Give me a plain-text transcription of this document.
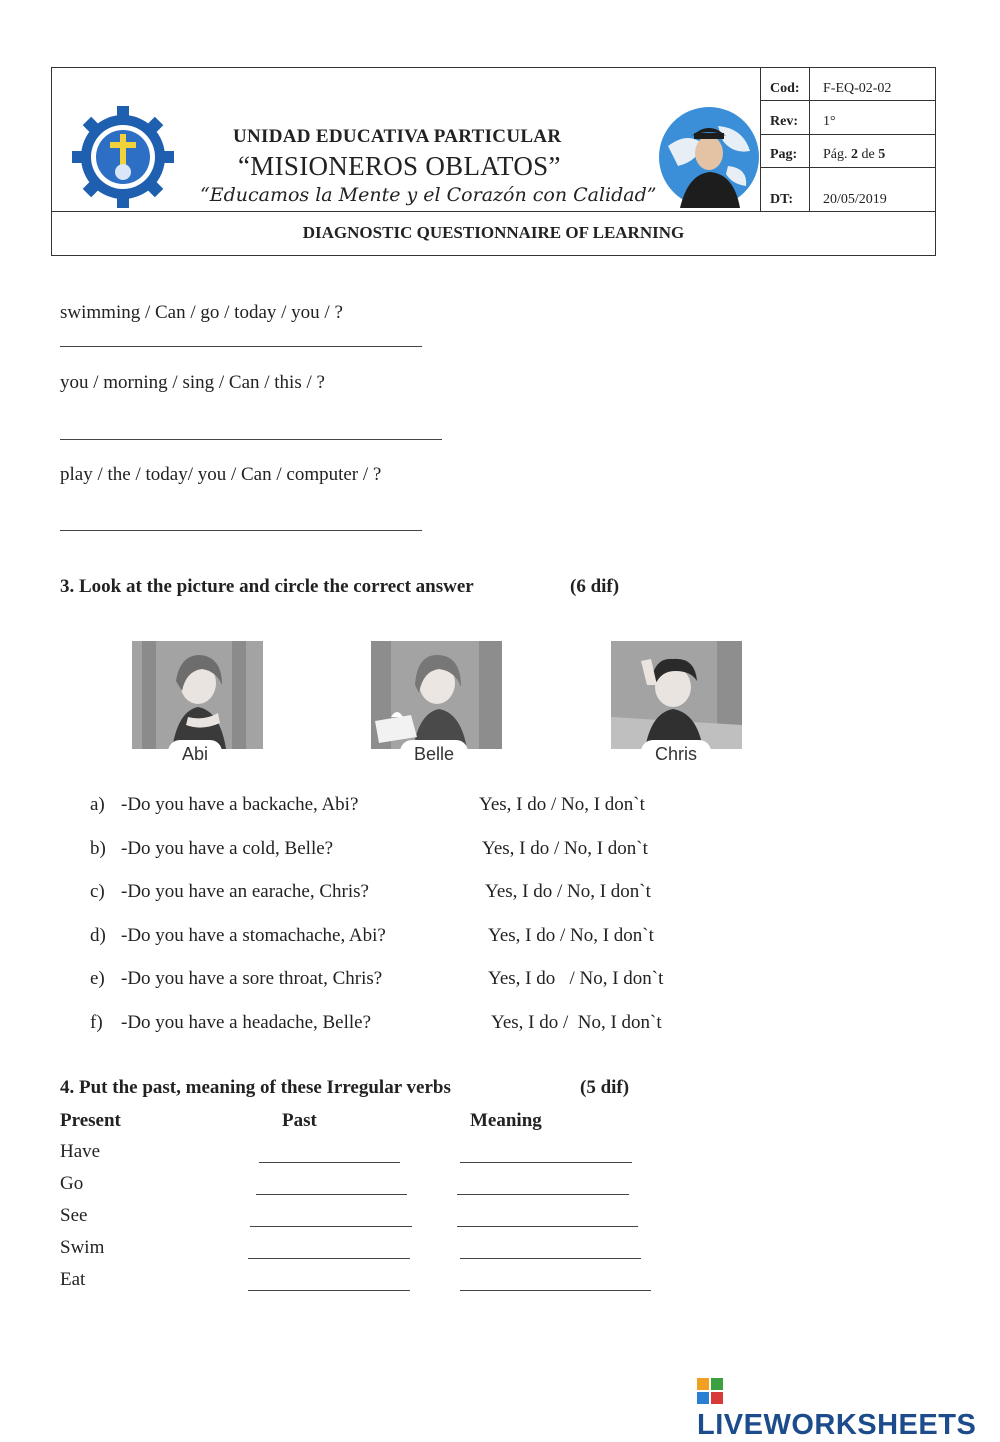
UNIDAD EDUCATIVA PARTICULAR
“MISIONEROS OBLATOS”
“Educamos la Mente y el Corazón con Calidad”
Cod: F-EQ-02-02
Rev: 1°
Pag: Pág. 2 de 5
DT: 20/05/2019
DIAGNOSTIC QUESTIONNAIRE OF LEARNING
swimming / Can / go / today / you / ?
you / morning / sing / Can / this / ?
play / the / today/ you / Can / computer / ?
3. Look at the picture and circle the correct answer	(6 dif)
Abi	Belle	Chris
a) -Do you have a backache, Abi?	Yes, I do / No, I don`t
b) -Do you have a cold, Belle?	Yes, I do / No, I don`t
c) -Do you have an earache, Chris?	Yes, I do / No, I don`t
d) -Do you have a stomachache, Abi?	Yes, I do / No, I don`t
e) -Do you have a sore throat, Chris?	Yes, I do   / No, I don`t
f) -Do you have a headache, Belle?	Yes, I do /  No, I don`t
4. Put the past, meaning of these Irregular verbs	(5 dif)
Present	Past	Meaning
Have
Go
See
Swim
Eat
LIVEWORKSHEETS
